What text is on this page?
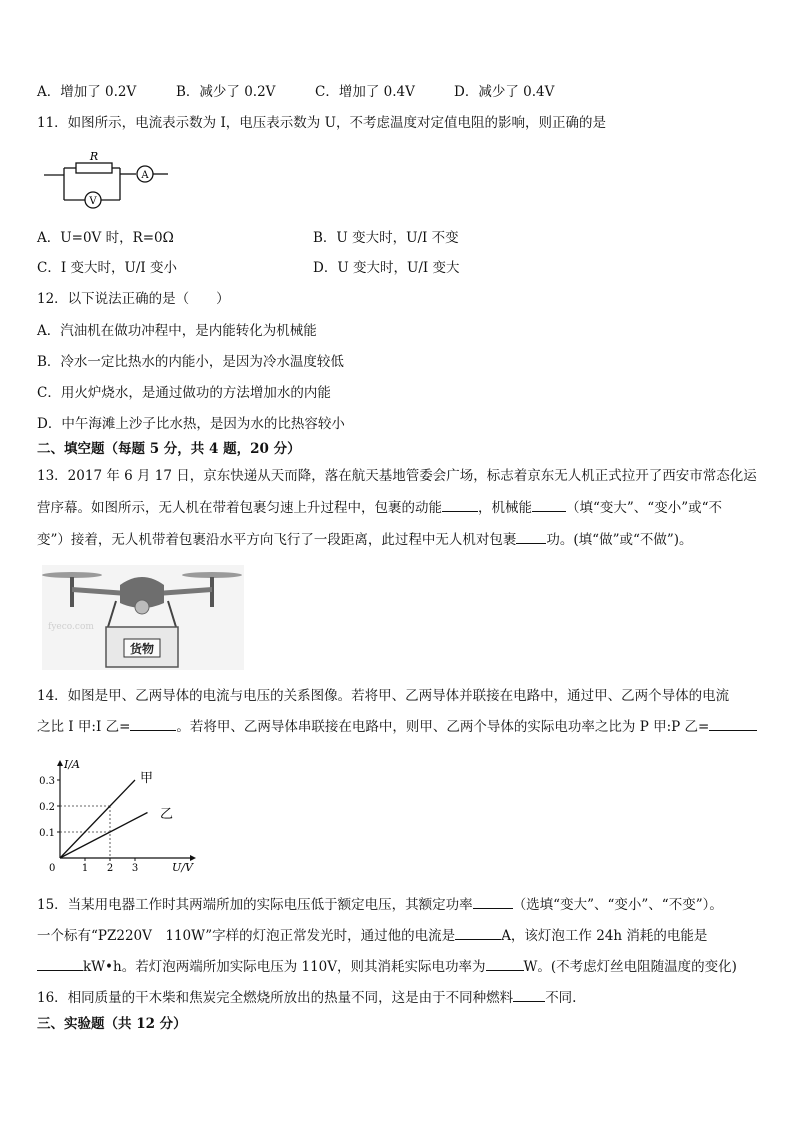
A．增加了 0.2V	B．减少了 0.2V	C．增加了 0.4V	D．减少了 0.4V
11．如图所示，电流表示数为 I，电压表示数为 U，不考虑温度对定值电阻的影响，则正确的是
R
V
A
A．U=0V 时，R=0Ω	B．U 变大时，U/I 不变
C．I 变大时，U/I 变小	D．U 变大时，U/I 变大
12．以下说法正确的是（　　）
A．汽油机在做功冲程中，是内能转化为机械能
B．冷水一定比热水的内能小，是因为冷水温度较低
C．用火炉烧水，是通过做功的方法增加水的内能
D．中午海滩上沙子比水热，是因为水的比热容较小
二、填空题（每题 5 分，共 4 题，20 分）
13．2017 年 6 月 17 日，京东快递从天而降，落在航天基地管委会广场，标志着京东无人机正式拉开了西安市常态化运
营序幕。如图所示，无人机在带着包裹匀速上升过程中，包裹的动能	，机械能	（填“变大”、“变小”或“不
变”）接着，无人机带着包裹沿水平方向飞行了一段距离，此过程中无人机对包裹 功。(填“做”或“不做”)。
货物
fyeco.com
14．如图是甲、乙两导体的电流与电压的关系图像。若将甲、乙两导体并联接在电路中，通过甲、乙两个导体的电流
之比 I 甲:I 乙=	。若将甲、乙两导体串联接在电路中，则甲、乙两个导体的实际电功率之比为 P 甲:P 乙=
I/A
U/V
0
0.1
0.2
0.3
1 2 3
甲
乙
15．当某用电器工作时其两端所加的实际电压低于额定电压，其额定功率	（选填“变大”、“变小”、“不变”）。
一个标有“PZ220V　110W”字样的灯泡正常发光时，通过他的电流是	A，该灯泡工作 24h 消耗的电能是
kW•h。若灯泡两端所加实际电压为 110V，则其消耗实际电功率为	W。(不考虑灯丝电阻随温度的变化)
16．相同质量的干木柴和焦炭完全燃烧所放出的热量不同，这是由于不同种燃料 不同.
三、实验题（共 12 分）
